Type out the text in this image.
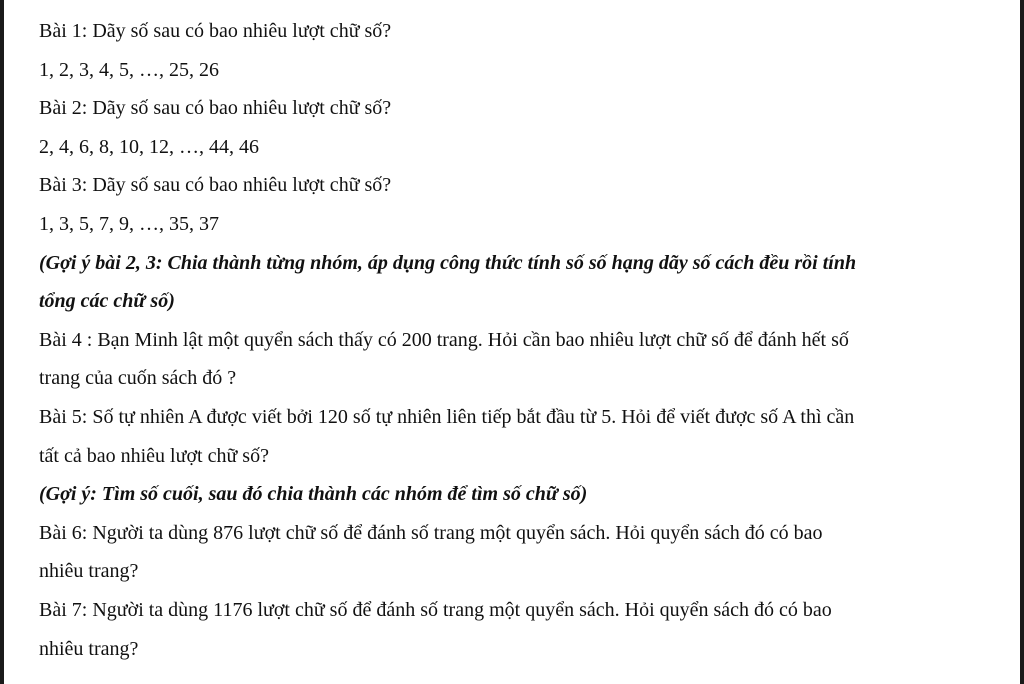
Bài 1: Dãy số sau có bao nhiêu lượt chữ số?
1, 2, 3, 4, 5, …, 25, 26
Bài 2: Dãy số sau có bao nhiêu lượt chữ số?
2, 4, 6, 8, 10, 12, …, 44, 46
Bài 3: Dãy số sau có bao nhiêu lượt chữ số?
1, 3, 5, 7, 9, …, 35, 37
(Gợi ý bài 2, 3: Chia thành từng nhóm, áp dụng công thức tính số số hạng dãy số cách đều rồi tính
tổng các chữ số)
Bài 4 : Bạn Minh lật một quyển sách thấy có 200 trang. Hỏi cần bao nhiêu lượt chữ số để đánh hết số
trang của cuốn sách đó ?
Bài 5: Số tự nhiên A được viết bởi 120 số tự nhiên liên tiếp bắt đầu từ 5. Hỏi để viết được số A thì cần
tất cả bao nhiêu lượt chữ số?
(Gợi ý: Tìm số cuối, sau đó chia thành các nhóm để tìm số chữ số)
Bài 6: Người ta dùng 876 lượt chữ số để đánh số trang một quyển sách. Hỏi quyển sách đó có bao
nhiêu trang?
Bài 7: Người ta dùng 1176 lượt chữ số để đánh số trang một quyển sách. Hỏi quyển sách đó có bao
nhiêu trang?
